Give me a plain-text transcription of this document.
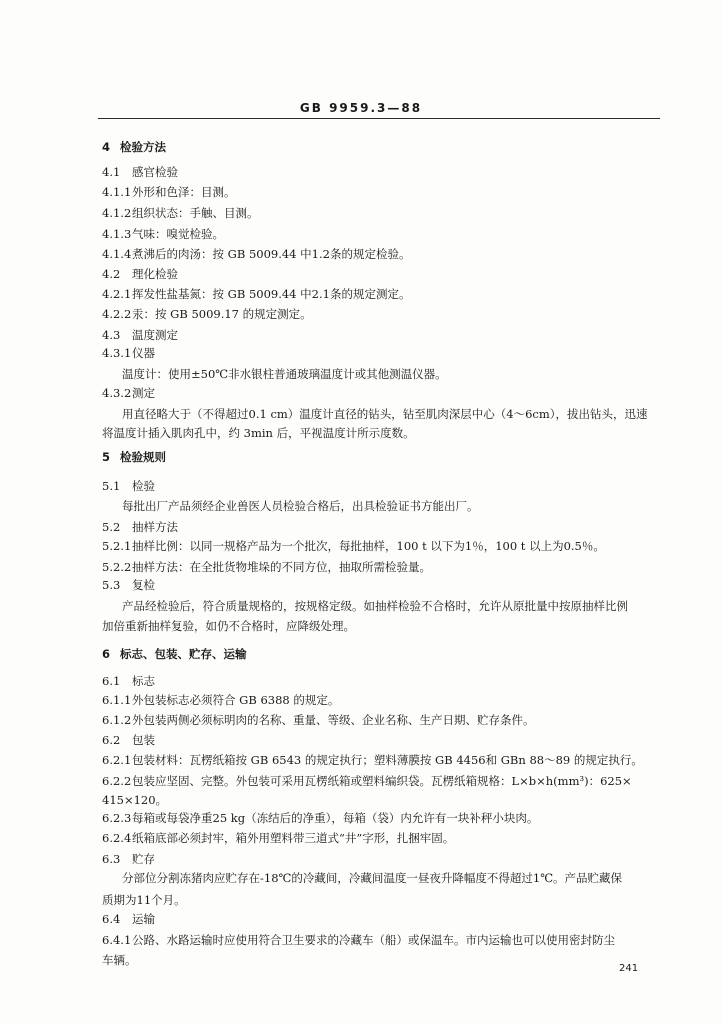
GB 9959.3—88
4 检验方法
4.1 感官检验
4.1.1外形和色泽：目测。
4.1.2组织状态：手触、目测。
4.1.3气味：嗅觉检验。
4.1.4煮沸后的肉汤：按 GB 5009.44 中1.2条的规定检验。
4.2 理化检验
4.2.1挥发性盐基氮：按 GB 5009.44 中2.1条的规定测定。
4.2.2汞：按 GB 5009.17 的规定测定。
4.3 温度测定
4.3.1仪器
温度计：使用±50℃非水银柱普通玻璃温度计或其他测温仪器。
4.3.2测定
用直径略大于（不得超过0.1 cm）温度计直径的钻头，钻至肌肉深层中心（4～6cm），拔出钻头，迅速
将温度计插入肌肉孔中，约 3min 后，平视温度计所示度数。
5 检验规则
5.1 检验
每批出厂产品须经企业兽医人员检验合格后，出具检验证书方能出厂。
5.2 抽样方法
5.2.1抽样比例：以同一规格产品为一个批次，每批抽样，100 t 以下为1％，100 t 以上为0.5％。
5.2.2抽样方法：在全批货物堆垛的不同方位，抽取所需检验量。
5.3 复检
产品经检验后，符合质量规格的，按规格定级。如抽样检验不合格时，允许从原批量中按原抽样比例
加倍重新抽样复验，如仍不合格时，应降级处理。
6 标志、包装、贮存、运输
6.1 标志
6.1.1外包装标志必须符合 GB 6388 的规定。
6.1.2外包装两侧必须标明肉的名称、重量、等级、企业名称、生产日期、贮存条件。
6.2 包装
6.2.1包装材料：瓦楞纸箱按 GB 6543 的规定执行；塑料薄膜按 GB 4456和 GBn 88～89 的规定执行。
6.2.2包装应坚固、完整。外包装可采用瓦楞纸箱或塑料编织袋。瓦楞纸箱规格：L×b×h(mm³)：625×
415×120。
6.2.3每箱或每袋净重25 kg（冻结后的净重），每箱（袋）内允许有一块补秤小块肉。
6.2.4纸箱底部必须封牢，箱外用塑料带三道式“井”字形，扎捆牢固。
6.3 贮存
分部位分割冻猪肉应贮存在-18℃的冷藏间，冷藏间温度一昼夜升降幅度不得超过1℃。产品贮藏保
质期为11个月。
6.4 运输
6.4.1公路、水路运输时应使用符合卫生要求的冷藏车（船）或保温车。市内运输也可以使用密封防尘
车辆。
241
